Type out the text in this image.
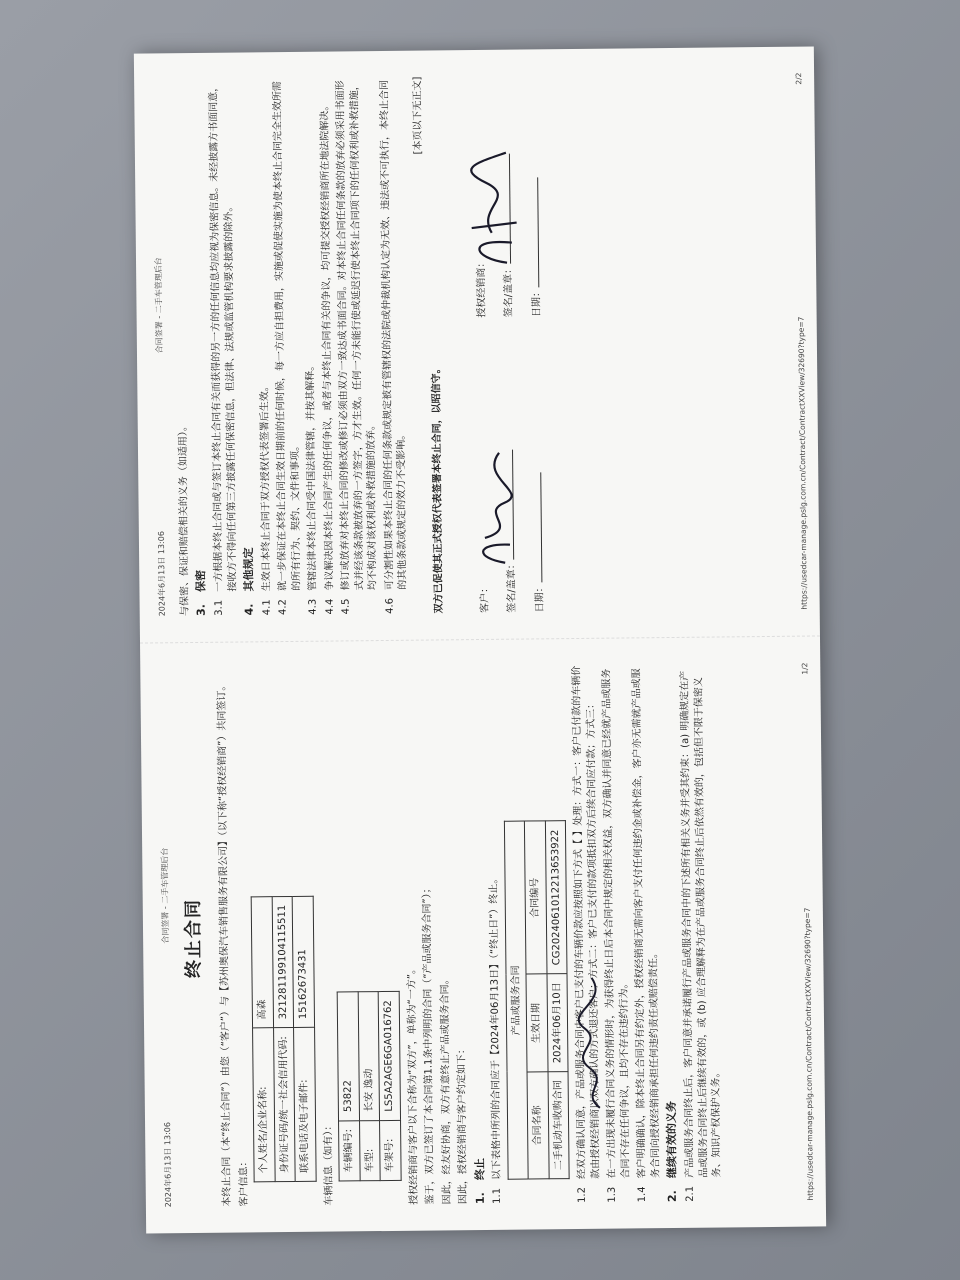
2024年6月13日 13:06
合同签署 - 二手车管理后台 终止合同	本终止合同（本“终止合同”）由您（“客户”）与【苏州奥保汽车销售服务有限公司】（以下称“授权经销商”）共同签订。 客户信息：

个人姓名/企业名称:	高森
身份证号码/统一社会信用代码:	321281199104115511
联系电话及电子邮件:	15162673431

车辆信息（如有）： 车辆编号:	53822
车型:	长安 逸动
车架号:	LS5A2AGE6GA016762	授权经销商与客户以下合称为“双方”，单称为“一方”。 鉴于，双方已签订了本合同第1.1条中列明的合同（“产品或服务合同”）； 因此，经友好协商，双方有意终止产品或服务合同。 因此，授权经销商与客户约定如下： 1.
终止
1.1
以下表格中所列的合同应于【2024年06月13日】（“终止日”）终止。 产品或服务合同		
合同名称	生效日期	合同编号
二手机动车收购合同	2024年06月10日	CG202406101221365392​2
1.2
经双方确认同意，产品或服务合同中客户已支付的车辆价款应按照如下方式【 】处理：方式一：客户已付款的车辆价款由授权经销商以双方确认的方式退还客户；方式二：客户已支付的款项抵扣双方后续合同应付款；方式三：
1.3
在一方出现未履行合同义务的情形时，为获得终止日后本合同中规定的相关权益，双方确认并同意已经就产品或服务合同不存在任何争议，且均不存在违约行为。
1.4
客户明确确认，除本终止合同另有约定外，授权经销商无需向客户支付任何违约金或补偿金，客户亦无需就产品或服务合同向授权经销商承担任何违约责任或赔偿责任。
2.
继续有效的义务
2.1
产品或服务合同终止后，客户同意并承诺履行产品或服务合同中的下述所有相关义务并受其约束：(a) 明确规定在产品或服务合同终止后继续有效的，或 (b) 应合理解释为在产品或服务合同终止后依然有效的，包括但不限于保密义务、知识产权保护义务。	https://usedcar-manage.pslg.com.cn/Contract/ContractXXView/32690?type=7
1/2
2024年6月13日 13:06
合同签署 - 二手车管理后台

与保密、保证和赔偿相关的义务（如适用）。 3.
保密
3.1
一方根据本终止合同或与签订本终止合同有关而获得的另一方的任何信息均应视为保密信息。未经披露方书面同意，接收方不得向任何第三方披露任何保密信息，但法律、法规或监管机构要求披露的除外。
4.
其他规定
4.1
生效日本终止合同于双方授权代表签署后生效。
4.2
就一步保证在本终止合同生效日期前的任何时候，每一方应自担费用，实施或促使实施为使本终止合同完全生效所需的所有行为、契约、文件和事项。
4.3
管辖法律本终止合同受中国法律管辖，并按其解释。
4.4
争议解决因本终止合同产生的任何争议，或者与本终止合同有关的争议，均可提交授权经销商所在地法院解决。
4.5
修订或放弃对本终止合同的修改或修订必须由双方一致达成书面合同。对本终止合同任何条款的放弃必须采用书面形式并经该条款被放弃的一方签字，方才生效。任何一方未能行使或延迟行使本终止合同项下的任何权利或补救措施，均不构成对该权利或补救措施的放弃。
4.6
可分割性如果本终止合同的任何条款或规定被有管辖权的法院或仲裁机构认定为无效、违法或不可执行，本终止合同的其他条款或规定的效力不受影响。

[本页以下无正文]

双方已促使其正式授权代表签署本终止合同，以昭信守。	客户：	签名/盖章：
日期：
授权经销商：	签名/盖章：
日期：
https://usedcar-manage.pslg.com.cn/Contract/ContractXXView/32690?type=7
2/2
